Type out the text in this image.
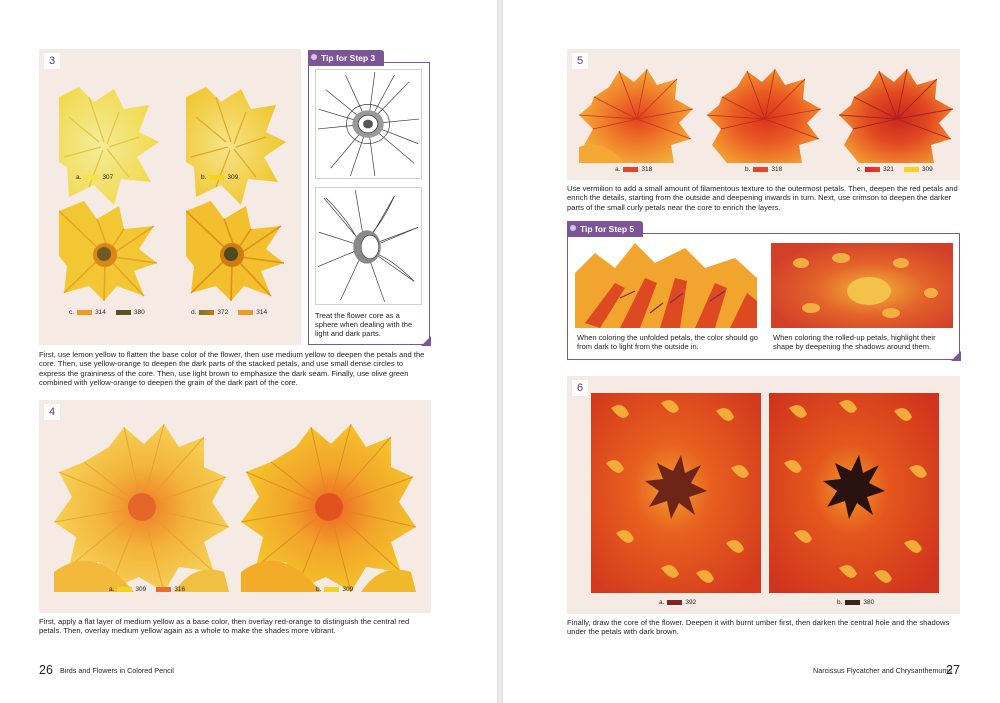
3
a.	307	b.	309
c.	314	380	d.	372	314	Treat the flower core as a sphere when dealing with the light and dark parts.
Tip for Step 3
First, use lemon yellow to flatten the base color of the flower, then use medium yellow to deepen the petals and the core. Then, use yellow-orange to deepen the dark parts of the stacked petals, and use small dense circles to express the graininess of the core. Then, use light brown to emphasize the dark seam. Finally, use olive green combined with yellow-orange to deepen the grain of the dark part of the core.
4
a.	309	316	b.	309
First, apply a flat layer of medium yellow as a base color, then overlay red-orange to distinguish the central red petals. Then, overlay medium yellow again as a whole to make the shades more vibrant.
26 Birds and Flowers in Colored Pencil
5
a.	318	b.	318	c.	321	309
Use vermilion to add a small amount of filamentous texture to the outermost petals. Then, deepen the red petals and enrich the details, starting from the outside and deepening inwards in turn. Next, use crimson to deepen the darker parts of the small curly petals near the core to enrich the layers.
When coloring the unfolded petals, the color should go from dark to light from the outside in.
When coloring the rolled-up petals, highlight their shape by deepening the shadows around them.
Tip for Step 5
6
a.	392	b.	380
Finally, draw the core of the flower. Deepen it with burnt umber first, then darken the central hole and the shadows under the petals with dark brown.
Narcissus Flycatcher and Chrysanthemums
27
